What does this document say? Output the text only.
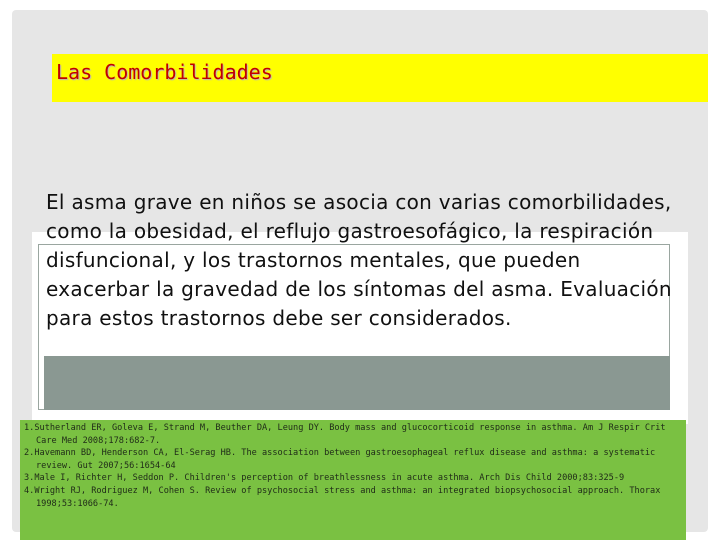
Las Comorbilidades
El asma grave en niños se asocia con varias comorbilidades, como la obesidad, el reflujo gastroesofágico, la respiración disfuncional, y los trastornos mentales, que pueden exacerbar la gravedad de los síntomas del asma. Evaluación para estos trastornos debe ser considerados.
1.Sutherland ER, Goleva E, Strand M, Beuther DA, Leung DY. Body mass and glucocorticoid response in asthma. Am J Respir Crit Care Med 2008;178:682-7.
2.Havemann BD, Henderson CA, El-Serag HB. The association between gastroesophageal reflux disease and asthma: a systematic review. Gut 2007;56:1654-64
3.Male I, Richter H, Seddon P. Children's perception of breathlessness in acute asthma. Arch Dis Child 2000;83:325-9
4.Wright RJ, Rodriguez M, Cohen S. Review of psychosocial stress and asthma: an integrated biopsychosocial approach. Thorax 1998;53:1066-74.
